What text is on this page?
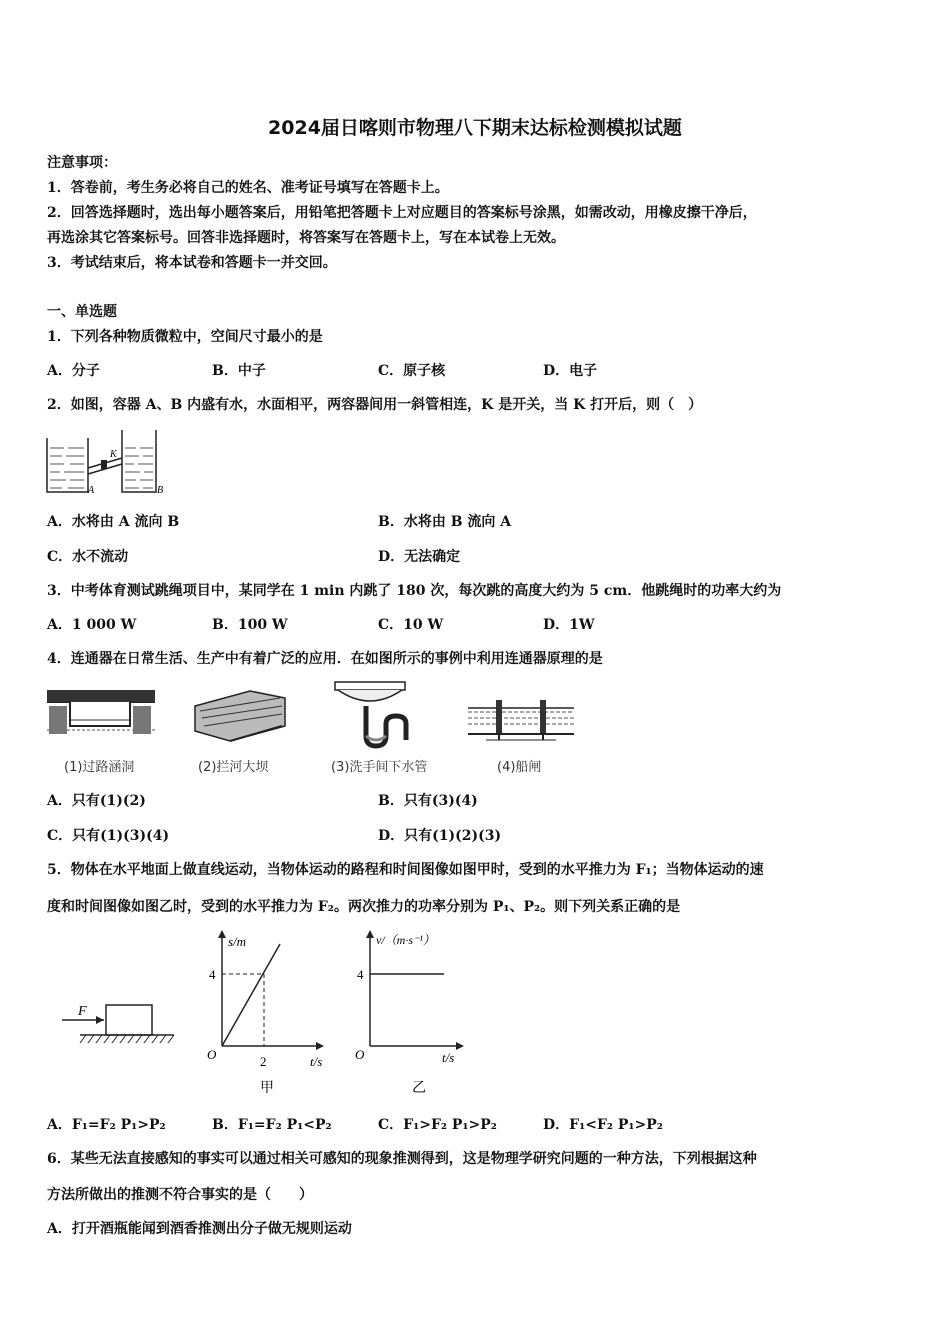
2024届日喀则市物理八下期末达标检测模拟试题
注意事项：
1．答卷前，考生务必将自己的姓名、准考证号填写在答题卡上。
2．回答选择题时，选出每小题答案后，用铅笔把答题卡上对应题目的答案标号涂黑，如需改动，用橡皮擦干净后，
再选涂其它答案标号。回答非选择题时，将答案写在答题卡上，写在本试卷上无效。
3．考试结束后，将本试卷和答题卡一并交回。
一、单选题
1．下列各种物质微粒中，空间尺寸最小的是
A．分子	B．中子	C．原子核	D．电子
2．如图，容器 A、B 内盛有水，水面相平，两容器间用一斜管相连，K 是开关，当 K 打开后，则（　）
K
A	B
A．水将由 A 流向 B	B．水将由 B 流向 A
C．水不流动	D．无法确定
3．中考体育测试跳绳项目中，某同学在 1 min 内跳了 180 次，每次跳的高度大约为 5 cm．他跳绳时的功率大约为
A．1 000 W	B．100 W	C．10 W	D．1W
4．连通器在日常生活、生产中有着广泛的应用．在如图所示的事例中利用连通器原理的是
(1)过路涵洞	(2)拦河大坝	(3)洗手间下水管	(4)船闸
A．只有(1)(2)	B．只有(3)(4)
C．只有(1)(3)(4)	D．只有(1)(2)(3)
5．物体在水平地面上做直线运动，当物体运动的路程和时间图像如图甲时，受到的水平推力为 F₁；当物体运动的速
度和时间图像如图乙时，受到的水平推力为 F₂。两次推力的功率分别为 P₁、P₂。则下列关系正确的是
F
s/m
4
O	2	t/s
甲
v/（m·s⁻¹）
4
O	t/s
乙
A．F₁=F₂ P₁>P₂	B．F₁=F₂ P₁<P₂	C．F₁>F₂ P₁>P₂	D．F₁<F₂ P₁>P₂
6．某些无法直接感知的事实可以通过相关可感知的现象推测得到，这是物理学研究问题的一种方法，下列根据这种
方法所做出的推测不符合事实的是（　　）
A．打开酒瓶能闻到酒香推测出分子做无规则运动
